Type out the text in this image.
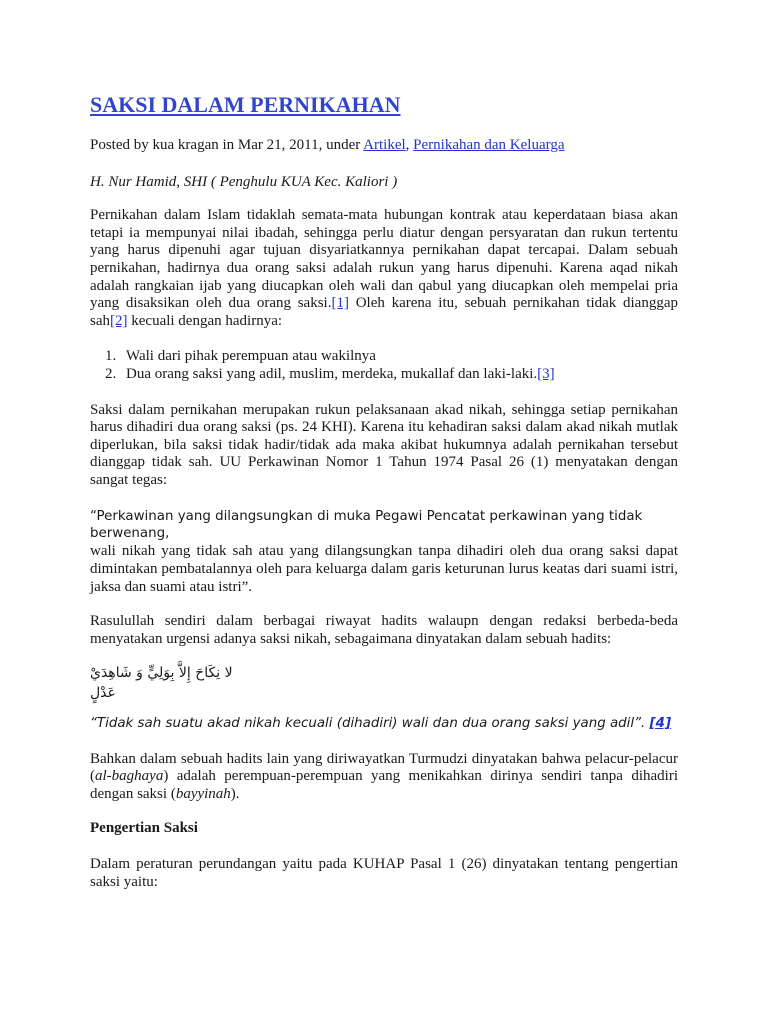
SAKSI DALAM PERNIKAHAN
Posted by kua kragan in Mar 21, 2011, under Artikel, Pernikahan dan Keluarga
H. Nur Hamid, SHI ( Penghulu KUA Kec. Kaliori )

Pernikahan dalam Islam tidaklah semata-mata hubungan kontrak atau keperdataan biasa akan tetapi ia mempunyai nilai ibadah, sehingga perlu diatur dengan persyaratan dan rukun tertentu yang harus dipenuhi agar tujuan disyariatkannya pernikahan dapat tercapai. Dalam sebuah pernikahan, hadirnya dua orang saksi adalah rukun yang harus dipenuhi. Karena aqad nikah adalah rangkaian ijab yang diucapkan oleh wali dan qabul yang diucapkan oleh mempelai pria yang disaksikan oleh dua orang saksi.[1] Oleh karena itu, sebuah pernikahan tidak dianggap sah[2] kecuali dengan hadirnya:

1. Wali dari pihak perempuan atau wakilnya
2. Dua orang saksi yang adil, muslim, merdeka, mukallaf dan laki-laki.[3]

Saksi dalam pernikahan merupakan rukun pelaksanaan akad nikah, sehingga setiap pernikahan harus dihadiri dua orang saksi (ps. 24 KHI). Karena itu kehadiran saksi dalam akad nikah mutlak diperlukan, bila saksi tidak hadir/tidak ada maka akibat hukumnya adalah pernikahan tersebut dianggap tidak sah. UU Perkawinan Nomor 1 Tahun 1974 Pasal 26 (1) menyatakan dengan sangat tegas:

“Perkawinan yang dilangsungkan di muka Pegawi Pencatat perkawinan yang tidak berwenang,
wali nikah yang tidak sah atau yang dilangsungkan tanpa dihadiri oleh dua orang saksi dapat dimintakan pembatalannya oleh para keluarga dalam garis keturunan lurus keatas dari suami istri, jaksa dan suami atau istri”.

Rasulullah sendiri dalam berbagai riwayat hadits walaupn dengan redaksi berbeda-beda menyatakan urgensi adanya saksi nikah, sebagaimana dinyatakan dalam sebuah hadits:

لا نِكَاحَ إِلاَّ بِوَلِيٍّ وَ شَاهِدَيْ عَدْلٍ
“Tidak sah suatu akad nikah kecuali (dihadiri) wali dan dua orang saksi yang adil”. [4]

Bahkan dalam sebuah hadits lain yang diriwayatkan Turmudzi dinyatakan bahwa pelacur-pelacur (al-baghaya) adalah perempuan-perempuan yang menikahkan dirinya sendiri tanpa dihadiri dengan saksi (bayyinah).

Pengertian Saksi

Dalam peraturan perundangan yaitu pada KUHAP Pasal 1 (26) dinyatakan tentang pengertian saksi yaitu:
